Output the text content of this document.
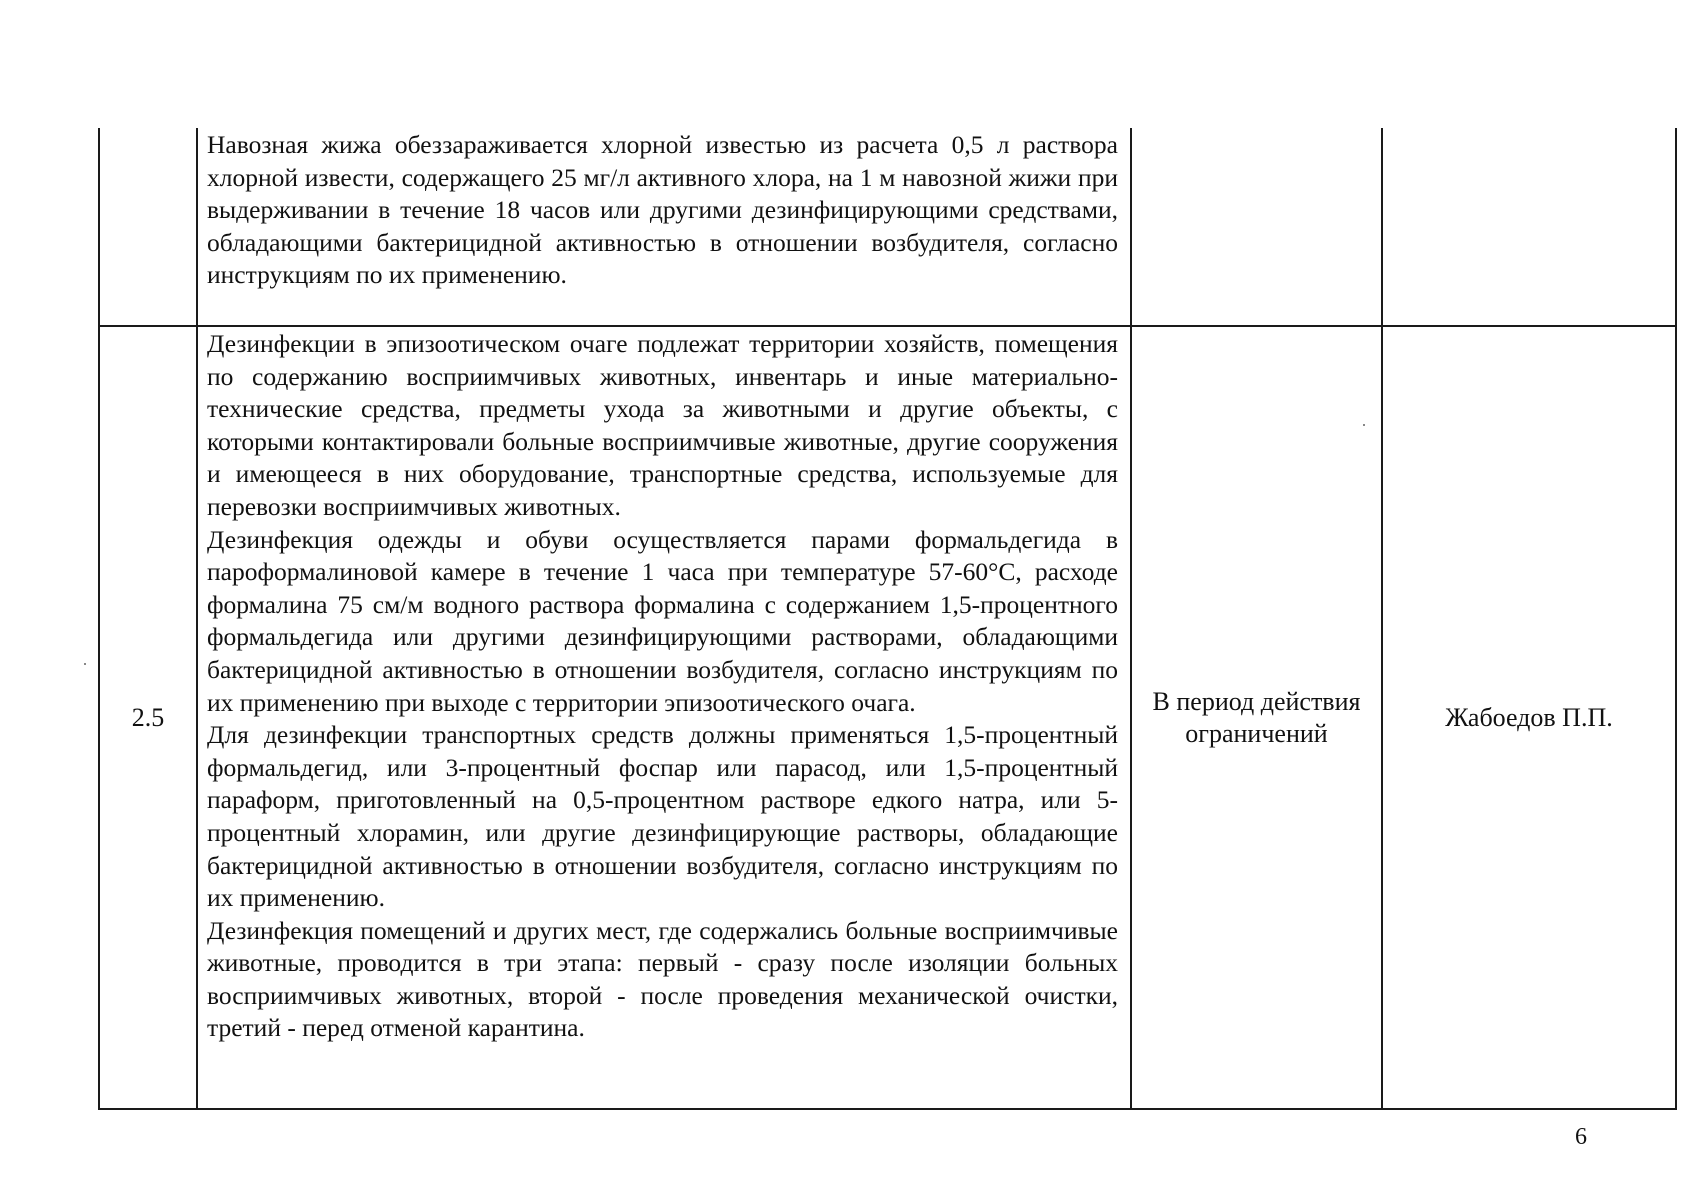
	Навозная жижа обеззараживается хлорной известью из расчета 0,5 л раствора хлорной извести, содержащего 25 мг/л активного хлора, на 1 м навозной жижи при выдерживании в течение 18 часов или другими дезинфицирующими средствами, обладающими бактерицидной активностью в отношении возбудителя, согласно инструкциям по их применению.		

2.5	Дезинфекции в эпизоотическом очаге подлежат территории хозяйств, помещения по содержанию восприимчивых животных, инвентарь и иные материально-технические средства, предметы ухода за животными и другие объекты, с которыми контактировали больные восприимчивые животные, другие сооружения и имеющееся в них оборудование, транспортные средства, используемые для перевозки восприимчивых животных.

Дезинфекция одежды и обуви осуществляется парами формальдегида в пароформалиновой камере в течение 1 часа при температуре 57-60°С, расходе формалина 75 см/м водного раствора формалина с содержанием 1,5-процентного формальдегида или другими дезинфицирующими растворами, обладающими бактерицидной активностью в отношении возбудителя, согласно инструкциям по их применению при выходе с территории эпизоотического очага.

Для дезинфекции транспортных средств должны применяться 1,5-процентный формальдегид, или 3-процентный фоспар или парасод, или 1,5-процентный параформ, приготовленный на 0,5-процентном растворе едкого натра, или 5-процентный хлорамин, или другие дезинфицирующие растворы, обладающие бактерицидной активностью в отношении возбудителя, согласно инструкциям по их применению.

Дезинфекция помещений и других мест, где содержались больные восприимчивые животные, проводится в три этапа: первый - сразу после изоляции больных восприимчивых животных, второй - после проведения механической очистки, третий - перед отменой карантина.	В период действия ограничений	Жабоедов П.П.
6
